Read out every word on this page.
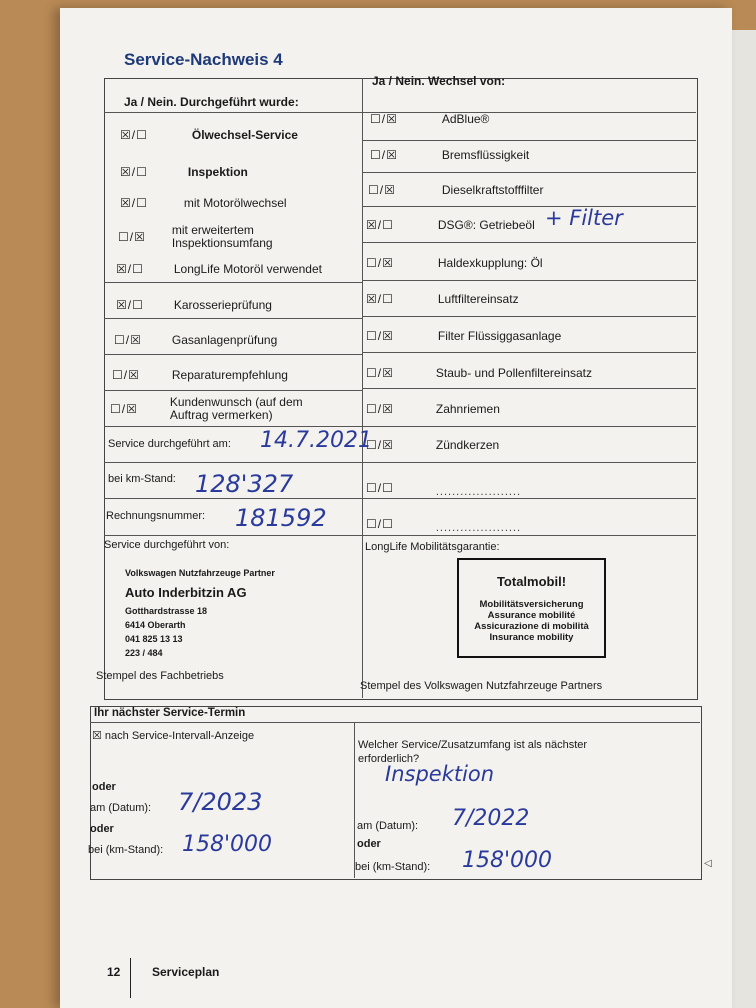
Service-Nachweis 4
Ja / Nein. Durchgeführt wurde:
Ja / Nein. Wechsel von:
☒/☐	Ölwechsel-Service
☒/☐	Inspektion
☒/☐	mit Motorölwechsel
☐/☒ mit erweitertem Inspektionsumfang
☒/☐	LongLife Motoröl verwendet
☒/☐	Karosserieprüfung
☐/☒	Gasanlagenprüfung
☐/☒	Reparaturempfehlung
☐/☒	Kundenwunsch (auf dem Auftrag vermerken)
☐/☒	AdBlue®
☐/☒	Bremsflüssigkeit
☐/☒	Dieselkraftstofffilter
☒/☐	DSG®: Getriebeöl
☐/☒	Haldexkupplung: Öl
☒/☐	Luftfiltereinsatz
☐/☒	Filter Flüssiggasanlage
☐/☒	Staub- und Pollenfiltereinsatz
☐/☒	Zahnriemen
☐/☒	Zündkerzen
☐/☐	.....................
☐/☐	.....................
+ Filter
Service durchgeführt am: 14.7.2021
bei km-Stand: 128'327
Rechnungsnummer: 181592
Service durchgeführt von:
Volkswagen Nutzfahrzeuge Partner
Auto Inderbitzin AG
Gotthardstrasse 18
6414 Oberarth
041 825 13 13
223 / 484
Stempel des Fachbetriebs
LongLife Mobilitätsgarantie:
Totalmobil!
Mobilitätsversicherung
Assurance mobilité
Assicurazione di mobilità
Insurance mobility
Stempel des Volkswagen Nutzfahrzeuge Partners
Ihr nächster Service-Termin
☒ nach Service-Intervall-Anzeige
oder
am (Datum): 7/2023
oder
bei (km-Stand): 158'000
Welcher Service/Zusatzumfang ist als nächster erforderlich?
Inspektion
am (Datum): 7/2022
oder
bei (km-Stand): 158'000	◁
12	Serviceplan
